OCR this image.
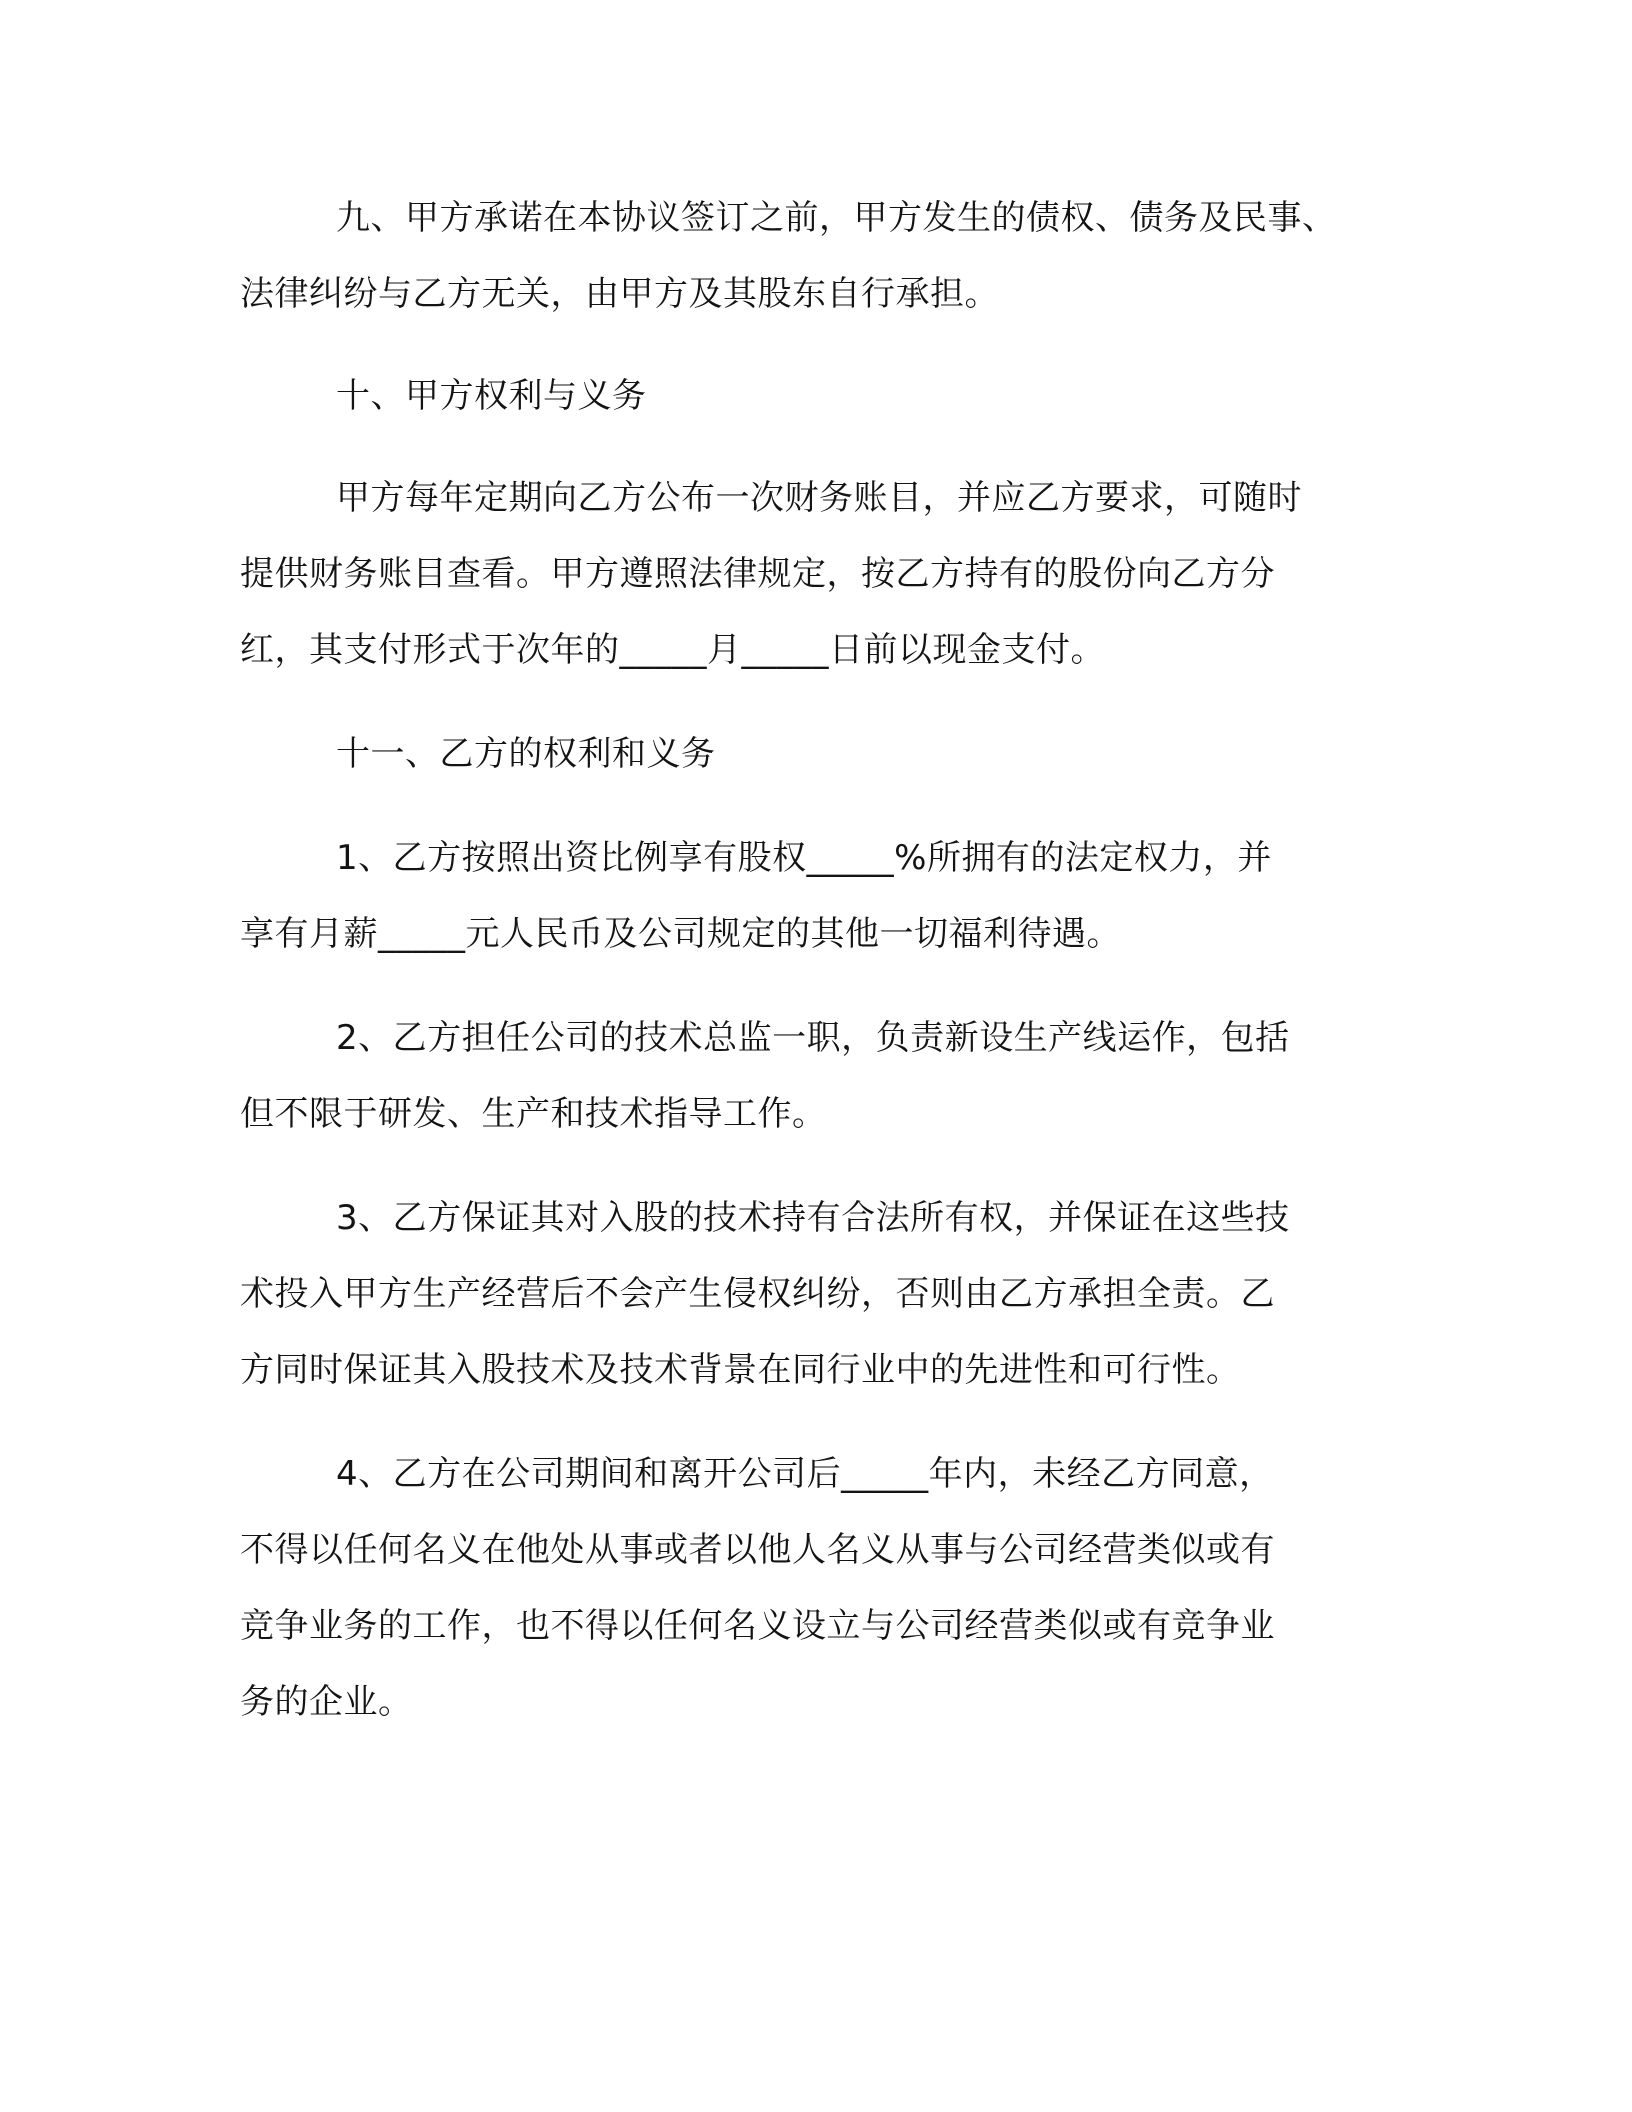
九、甲方承诺在本协议签订之前，甲方发生的债权、债务及民事、
法律纠纷与乙方无关，由甲方及其股东自行承担。

十、甲方权利与义务

甲方每年定期向乙方公布一次财务账目，并应乙方要求，可随时
提供财务账目查看。甲方遵照法律规定，按乙方持有的股份向乙方分
红，其支付形式于次年的_____月_____日前以现金支付。

十一、乙方的权利和义务

1、乙方按照出资比例享有股权_____%所拥有的法定权力，并
享有月薪_____元人民币及公司规定的其他一切福利待遇。

2、乙方担任公司的技术总监一职，负责新设生产线运作，包括
但不限于研发、生产和技术指导工作。

3、乙方保证其对入股的技术持有合法所有权，并保证在这些技
术投入甲方生产经营后不会产生侵权纠纷，否则由乙方承担全责。乙
方同时保证其入股技术及技术背景在同行业中的先进性和可行性。

4、乙方在公司期间和离开公司后_____年内，未经乙方同意，
不得以任何名义在他处从事或者以他人名义从事与公司经营类似或有
竞争业务的工作，也不得以任何名义设立与公司经营类似或有竞争业
务的企业。
